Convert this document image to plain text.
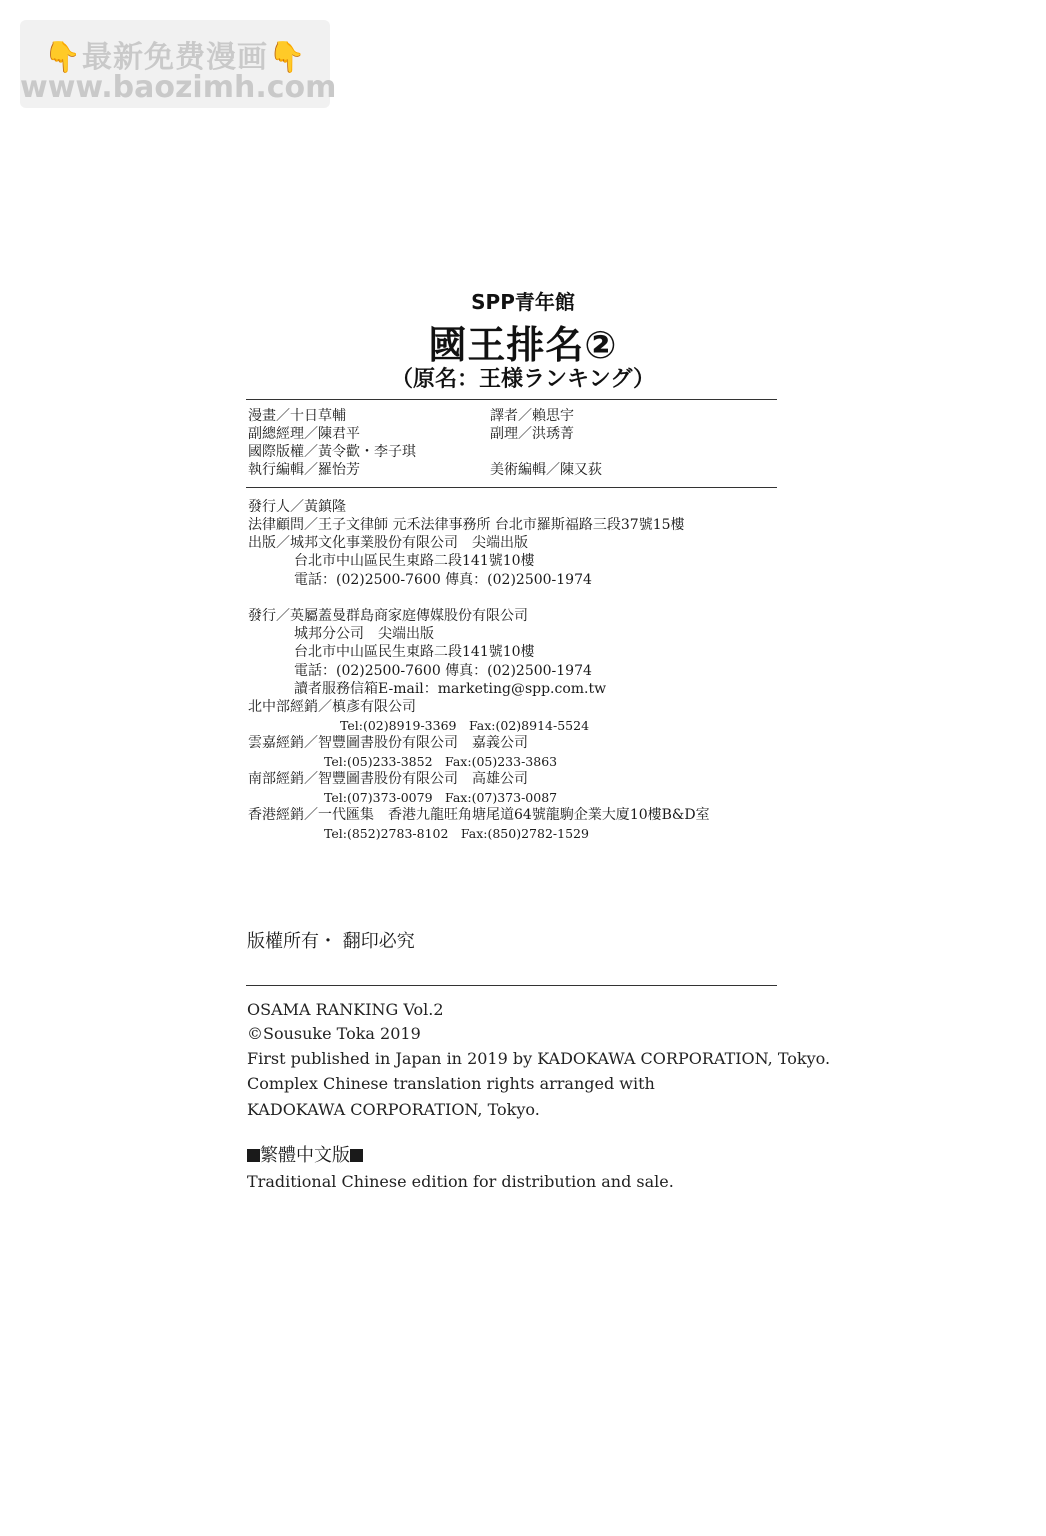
👇最新免费漫画👇
www.baozimh.com
SPP青年館
國王排名②
（原名：王様ランキング）
漫畫／十日草輔	譯者／賴思宇
副總經理／陳君平	副理／洪琇菁
國際版權／黃令歡・李子琪
執行編輯／羅怡芳	美術編輯／陳又荻
發行人／黃鎮隆
法律顧問／王子文律師 元禾法律事務所 台北市羅斯福路三段37號15樓
出版／城邦文化事業股份有限公司　尖端出版
台北市中山區民生東路二段141號10樓
電話：(02)2500-7600 傳真：(02)2500-1974
發行／英屬蓋曼群島商家庭傳媒股份有限公司
城邦分公司　尖端出版
台北市中山區民生東路二段141號10樓
電話：(02)2500-7600 傳真：(02)2500-1974
讀者服務信箱E-mail：marketing@spp.com.tw
北中部經銷／槙彥有限公司
Tel:(02)8919-3369　Fax:(02)8914-5524
雲嘉經銷／智豐圖書股份有限公司　嘉義公司
Tel:(05)233-3852　Fax:(05)233-3863
南部經銷／智豐圖書股份有限公司　高雄公司
Tel:(07)373-0079　Fax:(07)373-0087
香港經銷／一代匯集　香港九龍旺角塘尾道64號龍駒企業大廈10樓B&D室
Tel:(852)2783-8102　Fax:(850)2782-1529
版權所有・ 翻印必究
OSAMA RANKING Vol.2
©Sousuke Toka 2019
First published in Japan in 2019 by KADOKAWA CORPORATION, Tokyo.
Complex Chinese translation rights arranged with
KADOKAWA CORPORATION, Tokyo.
繁體中文版
Traditional Chinese edition for distribution and sale.
